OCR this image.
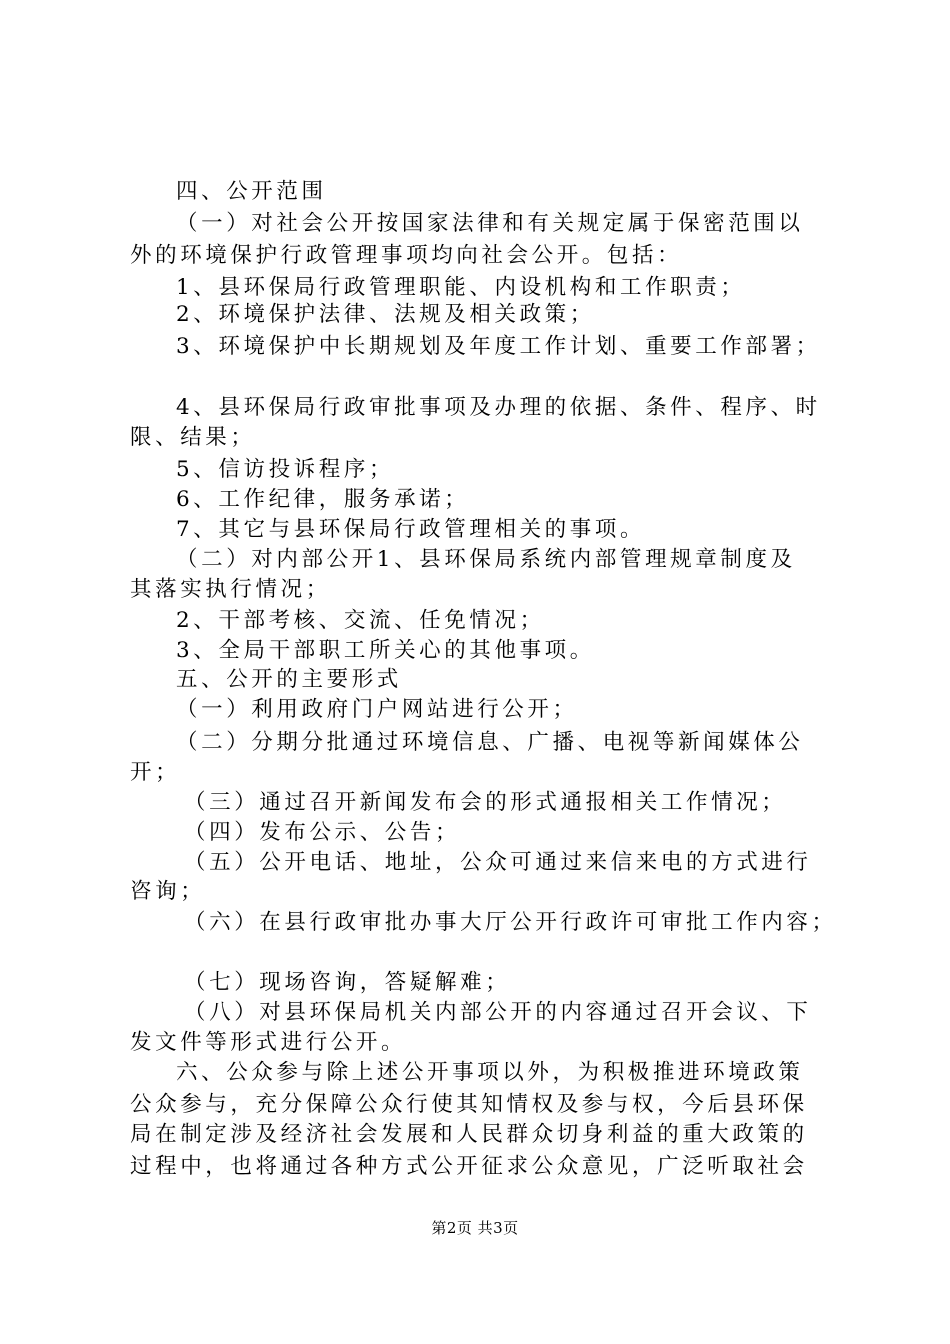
四、公开范围
（一）对社会公开按国家法律和有关规定属于保密范围以
外的环境保护行政管理事项均向社会公开。包括：
1、县环保局行政管理职能、内设机构和工作职责；
2、环境保护法律、法规及相关政策；
3、环境保护中长期规划及年度工作计划、重要工作部署；
4、县环保局行政审批事项及办理的依据、条件、程序、时
限、结果；
5、信访投诉程序；
6、工作纪律，服务承诺；
7、其它与县环保局行政管理相关的事项。
（二）对内部公开1、县环保局系统内部管理规章制度及
其落实执行情况；
2、干部考核、交流、任免情况；
3、全局干部职工所关心的其他事项。
五、公开的主要形式
（一）利用政府门户网站进行公开；
（二）分期分批通过环境信息、广播、电视等新闻媒体公
开；
（三）通过召开新闻发布会的形式通报相关工作情况；
（四）发布公示、公告；
（五）公开电话、地址，公众可通过来信来电的方式进行
咨询；
（六）在县行政审批办事大厅公开行政许可审批工作内容；
（七）现场咨询，答疑解难；
（八）对县环保局机关内部公开的内容通过召开会议、下
发文件等形式进行公开。
六、公众参与除上述公开事项以外，为积极推进环境政策
公众参与，充分保障公众行使其知情权及参与权，今后县环保
局在制定涉及经济社会发展和人民群众切身利益的重大政策的
过程中，也将通过各种方式公开征求公众意见，广泛听取社会
第2页 共3页
